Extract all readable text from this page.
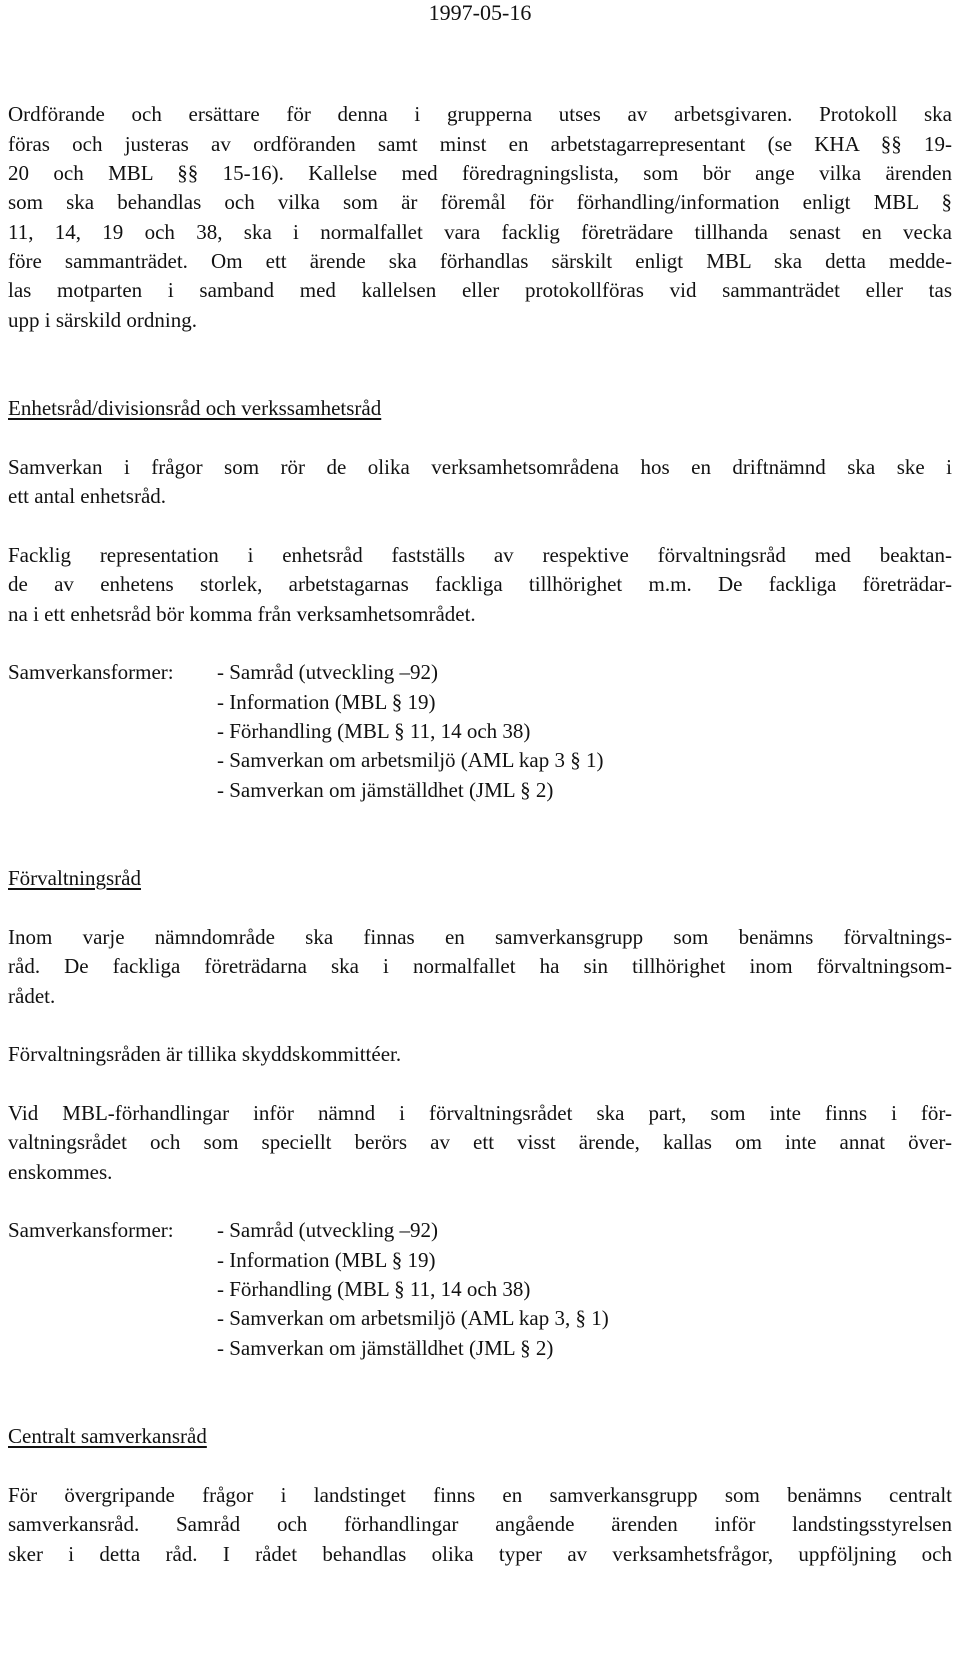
1997-05-16
Ordförande och ersättare för denna i grupperna utses av arbetsgivaren. Protokoll ska
föras och justeras av ordföranden samt minst en arbetstagarrepresentant (se KHA §§ 19-
20 och MBL §§ 15-16). Kallelse med föredragningslista, som bör ange vilka ärenden
som ska behandlas och vilka som är föremål för förhandling/information enligt MBL §
11, 14, 19 och 38, ska i normalfallet vara facklig företrädare tillhanda senast en vecka
före sammanträdet. Om ett ärende ska förhandlas särskilt enligt MBL ska detta medde-
las motparten i samband med kallelsen eller protokollföras vid sammanträdet eller tas
upp i särskild ordning.
Enhetsråd/divisionsråd och verkssamhetsråd
Samverkan i frågor som rör de olika verksamhetsområdena hos en driftnämnd ska ske i
ett antal enhetsråd.
Facklig representation i enhetsråd fastställs av respektive förvaltningsråd med beaktan-
de av enhetens storlek, arbetstagarnas fackliga tillhörighet m.m. De fackliga företrädar-
na i ett enhetsråd bör komma från verksamhetsområdet.
Samverkansformer: - Samråd (utveckling –92)
- Information (MBL § 19)
- Förhandling (MBL § 11, 14 och 38)
- Samverkan om arbetsmiljö (AML kap 3 § 1)
- Samverkan om jämställdhet (JML § 2)
Förvaltningsråd
Inom varje nämndområde ska finnas en samverkansgrupp som benämns förvaltnings-
råd. De fackliga företrädarna ska i normalfallet ha sin tillhörighet inom förvaltningsom-
rådet.
Förvaltningsråden är tillika skyddskommittéer.
Vid MBL-förhandlingar inför nämnd i förvaltningsrådet ska part, som inte finns i för-
valtningsrådet och som speciellt berörs av ett visst ärende, kallas om inte annat över-
enskommes.
Samverkansformer: - Samråd (utveckling –92)
- Information (MBL § 19)
- Förhandling (MBL § 11, 14 och 38)
- Samverkan om arbetsmiljö (AML kap 3, § 1)
- Samverkan om jämställdhet (JML § 2)
Centralt samverkansråd
För övergripande frågor i landstinget finns en samverkansgrupp som benämns centralt
samverkansråd. Samråd och förhandlingar angående ärenden inför landstingsstyrelsen
sker i detta råd. I rådet behandlas olika typer av verksamhetsfrågor, uppföljning och
